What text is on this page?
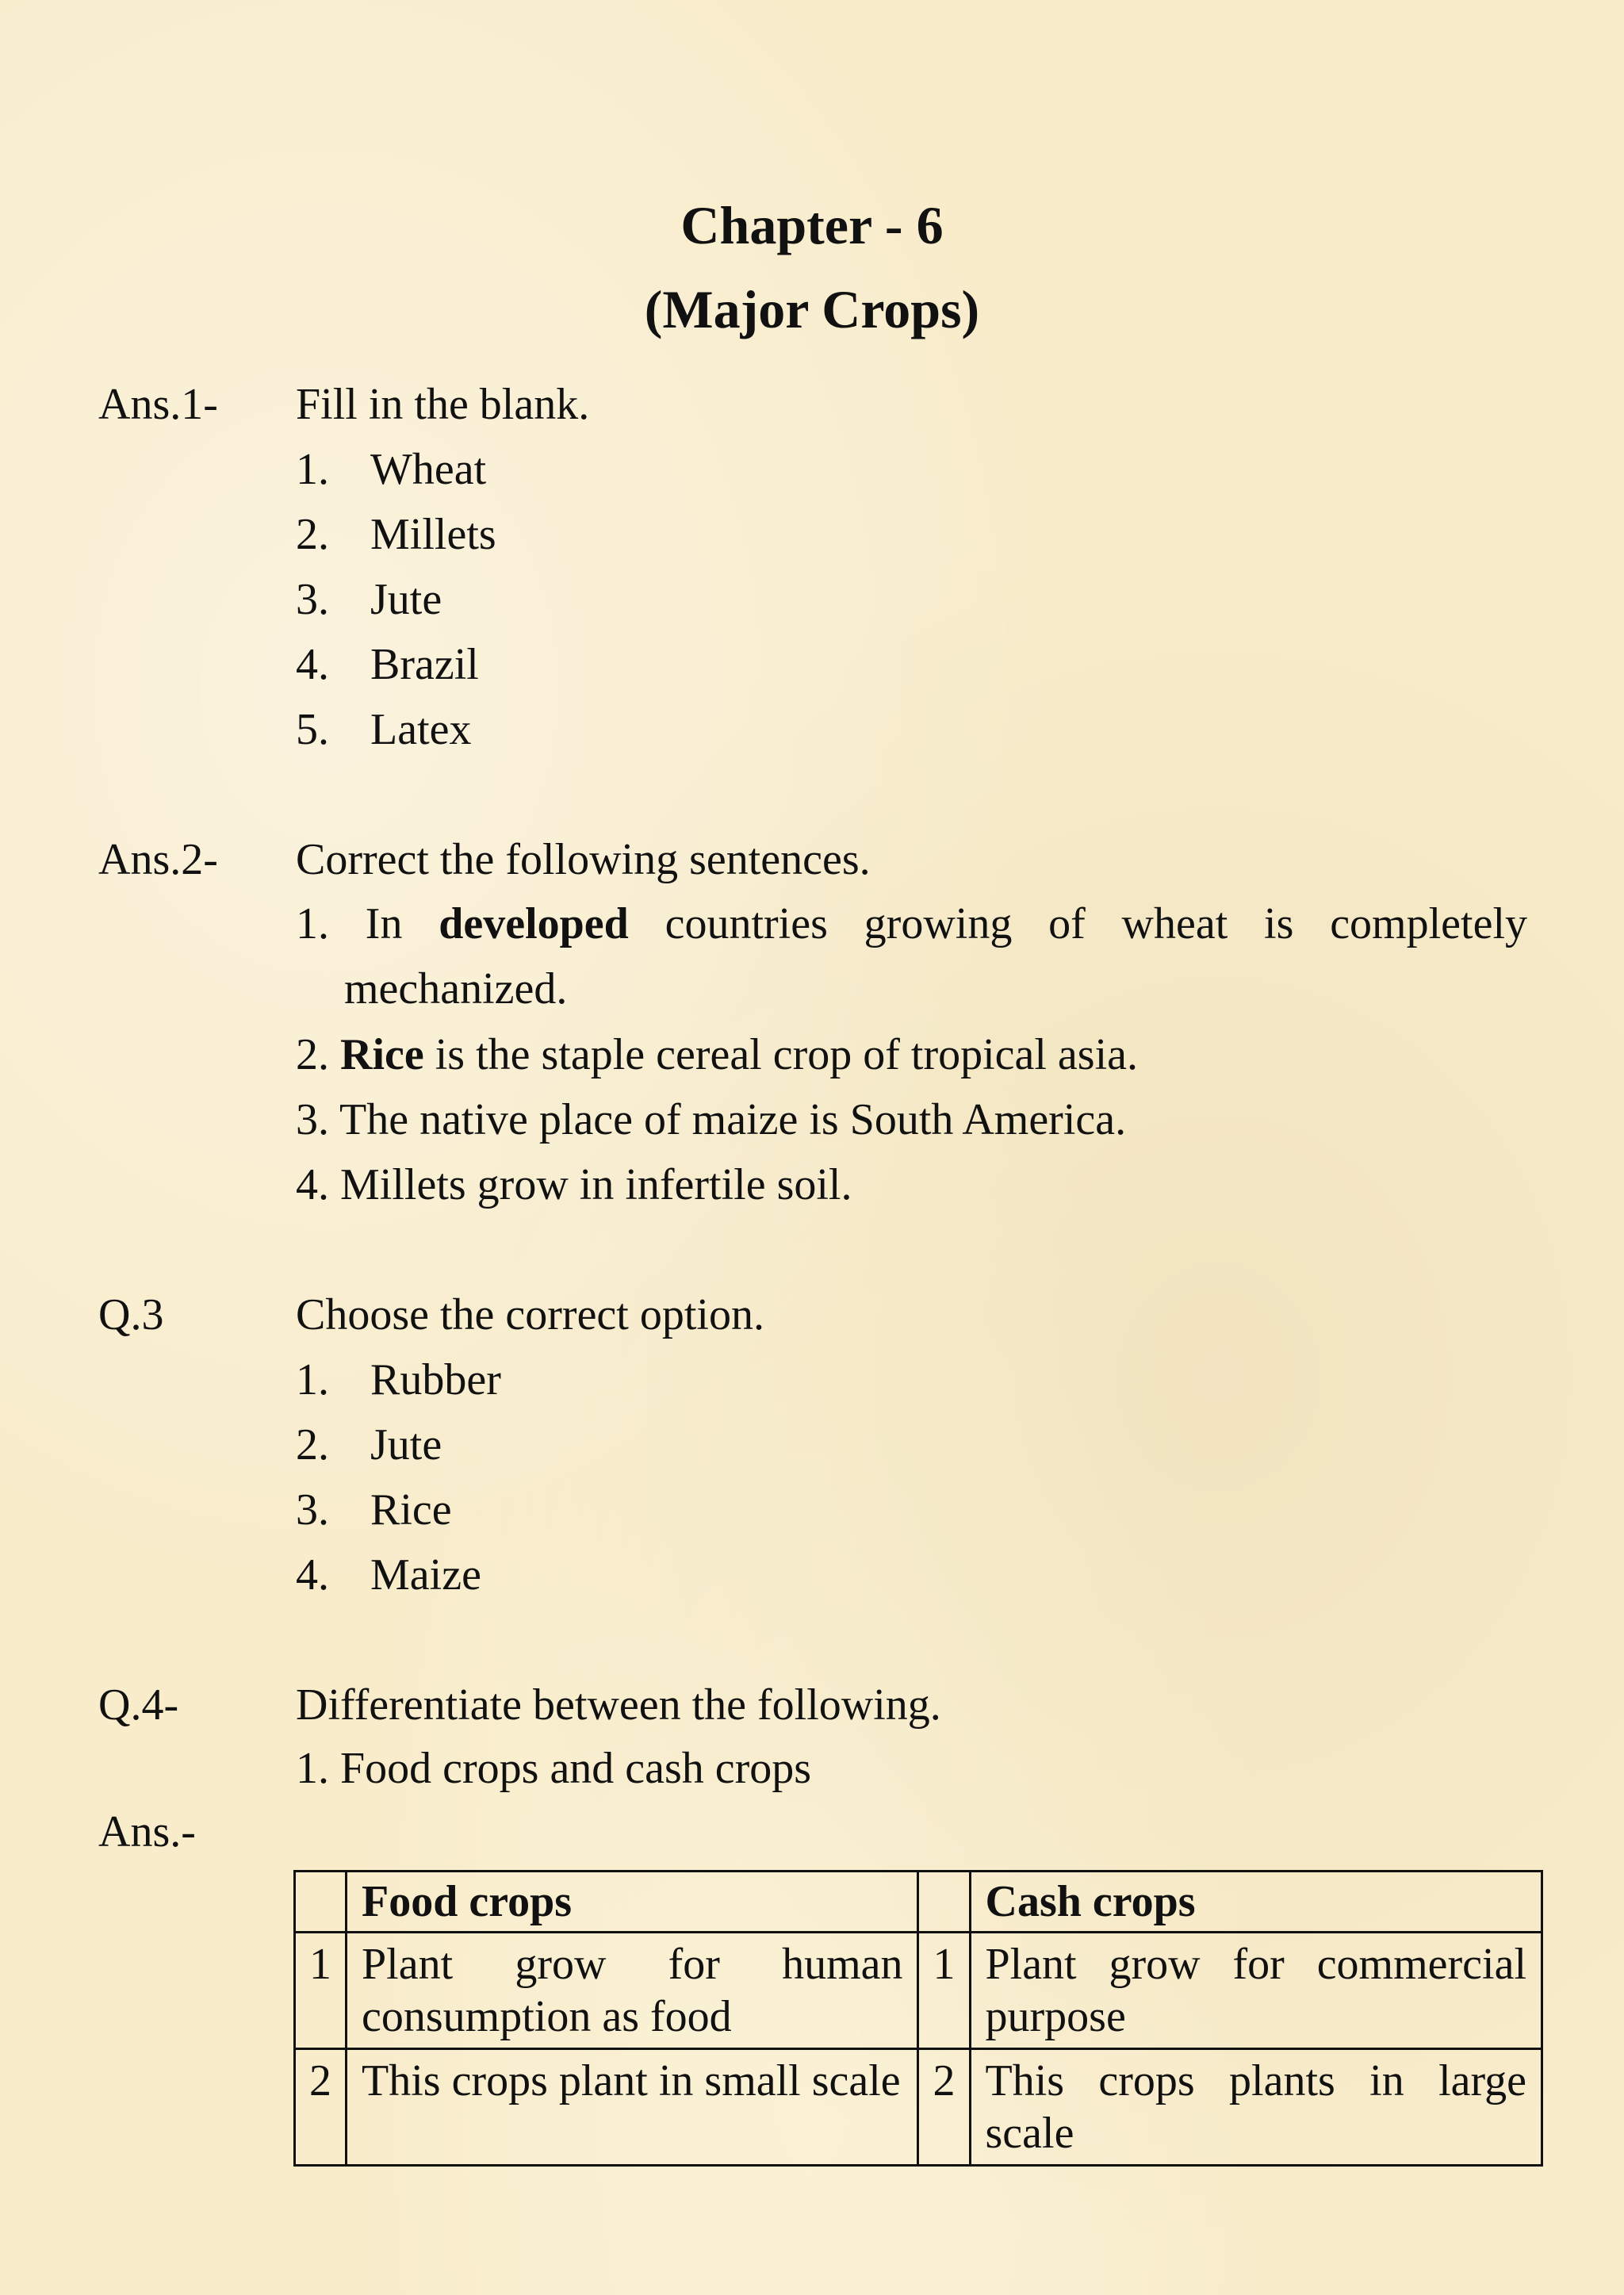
Chapter - 6
(Major Crops)
Ans.1- Fill in the blank.
1. Wheat
2. Millets
3. Jute
4. Brazil
5. Latex
Ans.2- Correct the following sentences.
1. In developed countries growing of wheat is completely
mechanized.
2. Rice is the staple cereal crop of tropical asia.
3. The native place of maize is South America.
4. Millets grow in infertile soil.
Q.3	Choose the correct option.
1. Rubber
2. Jute
3. Rice
4. Maize
Q.4-	Differentiate between the following.
1. Food crops and cash crops
Ans.-
	Food crops		Cash crops
1	Plant grow for human consumption as food	1	Plant grow for commercial purpose
2	This crops plant in small scale	2	This crops plants in large scale
